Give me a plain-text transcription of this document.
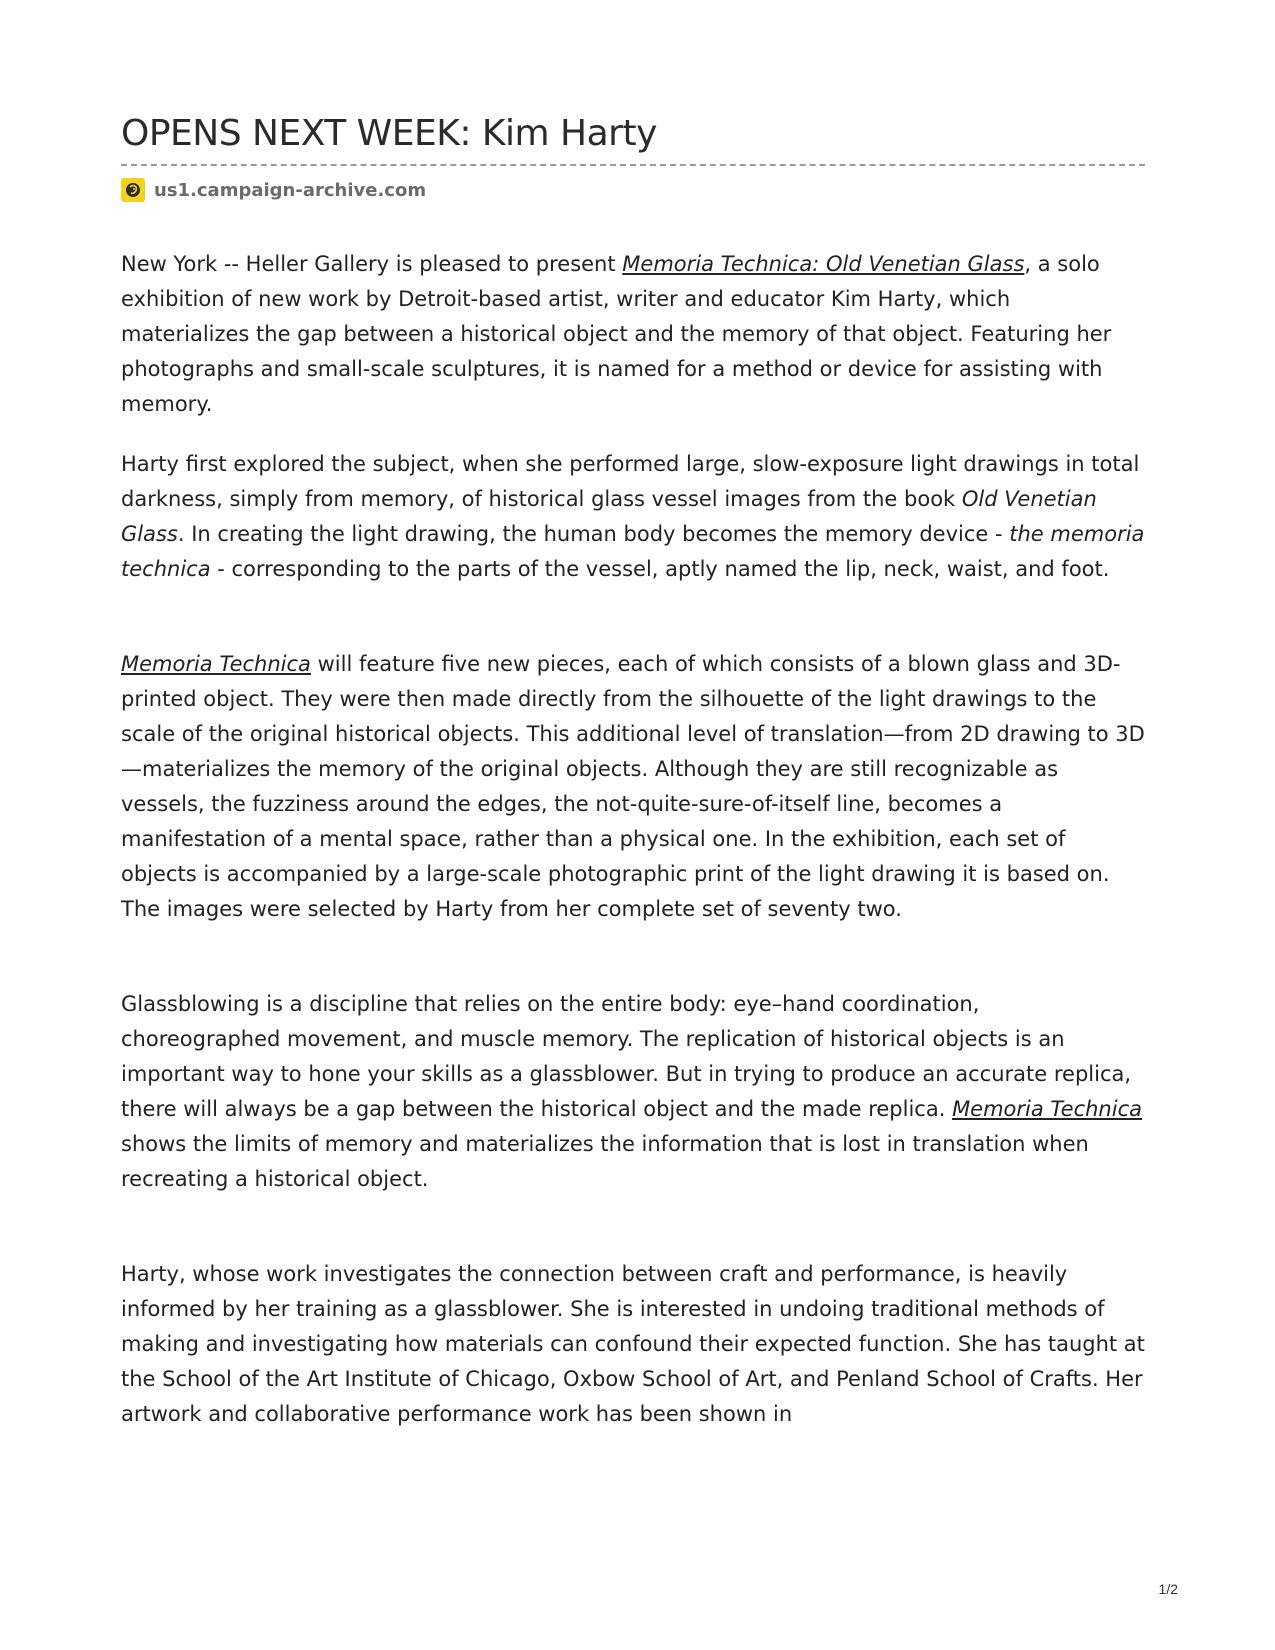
OPENS NEXT WEEK: Kim Harty
us1.campaign-archive.com

New York -- Heller Gallery is pleased to present Memoria Technica: Old Venetian Glass, a solo exhibition of new work by Detroit-based artist, writer and educator Kim Harty, which materializes the gap between a historical object and the memory of that object. Featuring her photographs and small-scale sculptures, it is named for a method or device for assisting with memory.

Harty first explored the subject, when she performed large, slow-exposure light drawings in total darkness, simply from memory, of historical glass vessel images from the book Old Venetian Glass. In creating the light drawing, the human body becomes the memory device - the memoria technica - corresponding to the parts of the vessel, aptly named the lip, neck, waist, and foot.

Memoria Technica will feature five new pieces, each of which consists of a blown glass and 3D-printed object. They were then made directly from the silhouette of the light drawings to the scale of the original historical objects. This additional level of translation—from 2D drawing to 3D—materializes the memory of the original objects. Although they are still recognizable as vessels, the fuzziness around the edges, the not-quite-sure-of-itself line, becomes a manifestation of a mental space, rather than a physical one. In the exhibition, each set of objects is accompanied by a large-scale photographic print of the light drawing it is based on. The images were selected by Harty from her complete set of seventy two.

Glassblowing is a discipline that relies on the entire body: eye–hand coordination, choreographed movement, and muscle memory. The replication of historical objects is an important way to hone your skills as a glassblower. But in trying to produce an accurate replica, there will always be a gap between the historical object and the made replica. Memoria Technica shows the limits of memory and materializes the information that is lost in translation when recreating a historical object.

Harty, whose work investigates the connection between craft and performance, is heavily informed by her training as a glassblower. She is interested in undoing traditional methods of making and investigating how materials can confound their expected function. She has taught at the School of the Art Institute of Chicago, Oxbow School of Art, and Penland School of Crafts. Her artwork and collaborative performance work has been shown in

1/2
